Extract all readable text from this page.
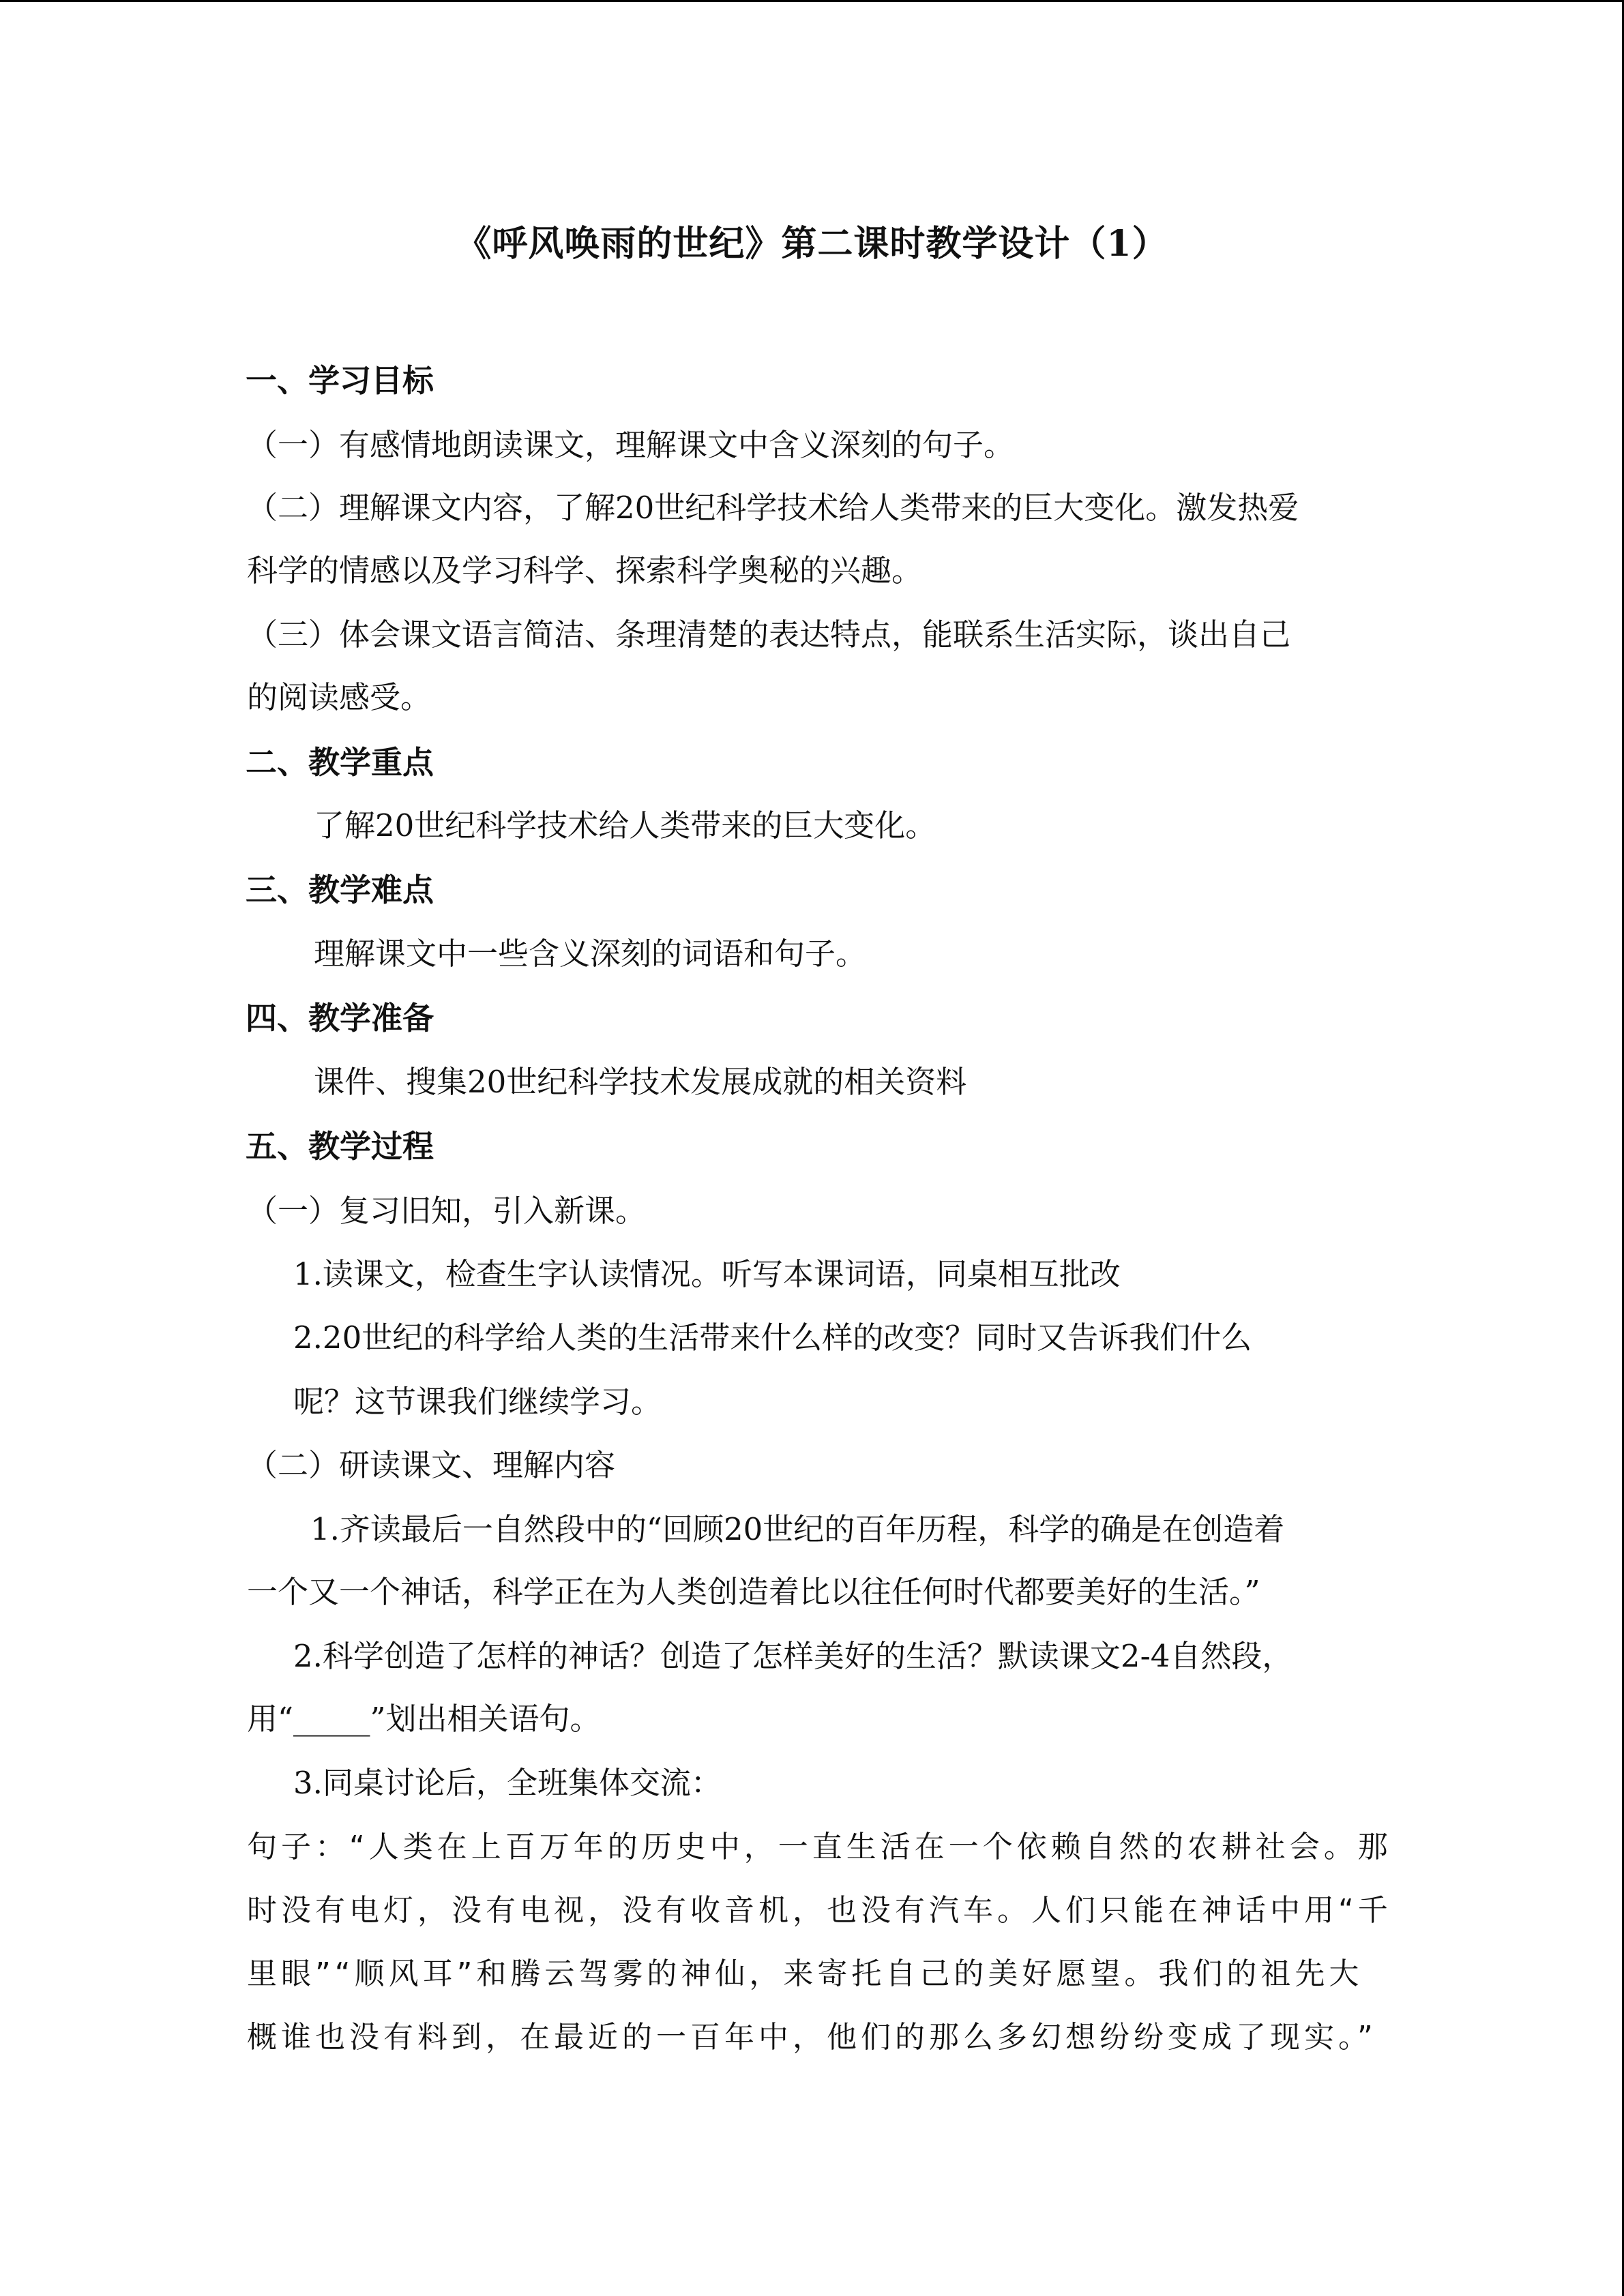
《呼风唤雨的世纪》第二课时教学设计（1）
一、学习目标
（一）有感情地朗读课文，理解课文中含义深刻的句子。
（二）理解课文内容，了解20世纪科学技术给人类带来的巨大变化。激发热爱
科学的情感以及学习科学、探索科学奥秘的兴趣。
（三）体会课文语言简洁、条理清楚的表达特点，能联系生活实际，谈出自己
的阅读感受。
二、教学重点
了解20世纪科学技术给人类带来的巨大变化。
三、教学难点
理解课文中一些含义深刻的词语和句子。
四、教学准备
课件、搜集20世纪科学技术发展成就的相关资料
五、教学过程
（一）复习旧知，引入新课。
1.读课文，检查生字认读情况。听写本课词语，同桌相互批改
2.20世纪的科学给人类的生活带来什么样的改变？同时又告诉我们什么
呢？这节课我们继续学习。
（二）研读课文、理解内容
1.齐读最后一自然段中的“回顾20世纪的百年历程，科学的确是在创造着
一个又一个神话，科学正在为人类创造着比以往任何时代都要美好的生活。”
2.科学创造了怎样的神话？创造了怎样美好的生活？默读课文2-4自然段，
用“_____”划出相关语句。
3.同桌讨论后，全班集体交流：
句子：“人类在上百万年的历史中，一直生活在一个依赖自然的农耕社会。那
时没有电灯，没有电视，没有收音机，也没有汽车。人们只能在神话中用“千
里眼”“顺风耳”和腾云驾雾的神仙，来寄托自己的美好愿望。我们的祖先大
概谁也没有料到，在最近的一百年中，他们的那么多幻想纷纷变成了现实。”
